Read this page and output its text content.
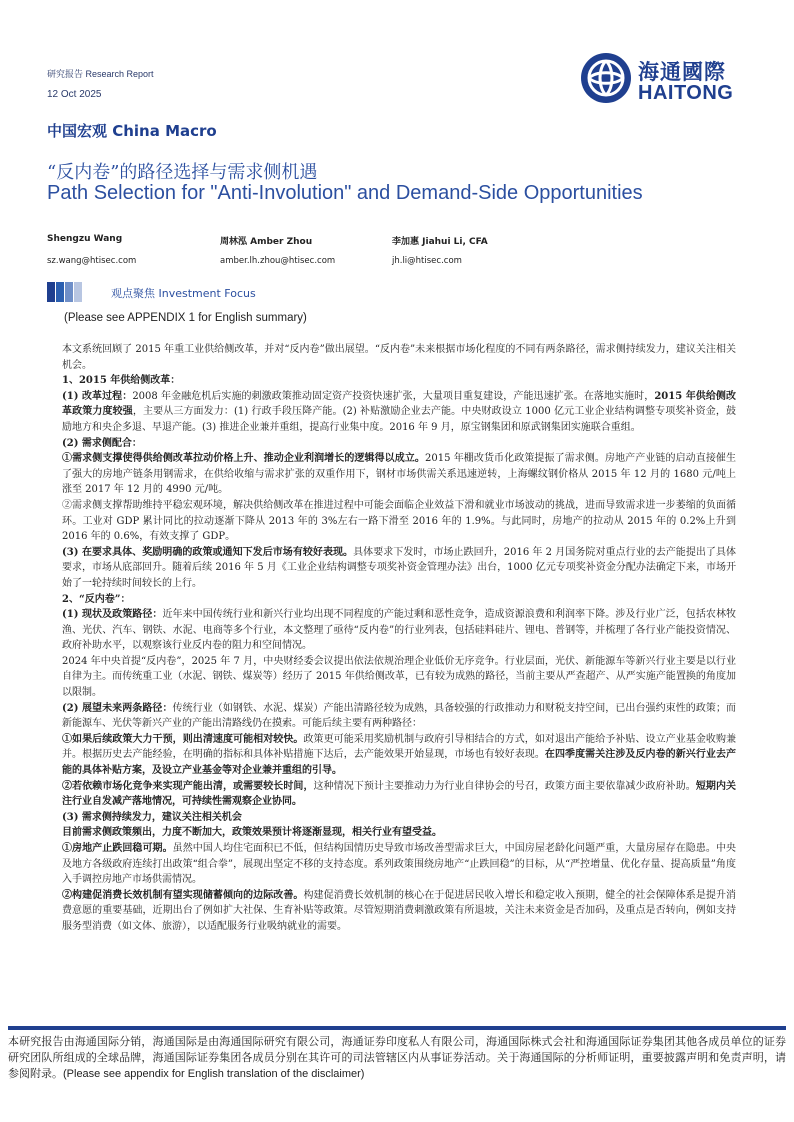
研究报告 Research Report
12 Oct 2025
海通國際
HAITONG
中国宏观 China Macro
“反内卷”的路径选择与需求侧机遇
Path Selection for "Anti-Involution" and Demand-Side Opportunities
Shengzu Wang
sz.wang@htisec.com
周林泓 Amber Zhou
amber.lh.zhou@htisec.com
李加惠 Jiahui Li, CFA
jh.li@htisec.com
观点聚焦 Investment Focus
(Please see APPENDIX 1 for English summary)

本文系统回顾了 2015 年重工业供给侧改革，并对“反内卷”做出展望。“反内卷”未来根据市场化程度的不同有两条路径，需求侧持续发力，建议关注相关机会。

1、2015 年供给侧改革：

(1) 改革过程：2008 年金融危机后实施的刺激政策推动固定资产投资快速扩张，大量项目重复建设，产能迅速扩张。在落地实施时，2015 年供给侧改革政策力度较强，主要从三方面发力：(1) 行政手段压降产能。(2) 补贴激励企业去产能。中央财政设立 1000 亿元工业企业结构调整专项奖补资金，鼓励地方和央企多退、早退产能。(3) 推进企业兼并重组，提高行业集中度。2016 年 9 月，原宝钢集团和原武钢集团实施联合重组。

(2) 需求侧配合：

①需求侧支撑使得供给侧改革拉动价格上升、推动企业利润增长的逻辑得以成立。2015 年棚改货币化政策提振了需求侧。房地产产业链的启动直接催生了强大的房地产链条用钢需求，在供给收缩与需求扩张的双重作用下，钢材市场供需关系迅速逆转，上海螺纹钢价格从 2015 年 12 月的 1680 元/吨上涨至 2017 年 12 月的 4990 元/吨。

②需求侧支撑帮助维持平稳宏观环境，解决供给侧改革在推进过程中可能会面临企业效益下滑和就业市场波动的挑战，进而导致需求进一步萎缩的负面循环。工业对 GDP 累计同比的拉动逐渐下降从 2013 年的 3%左右一路下滑至 2016 年的 1.9%。与此同时，房地产的拉动从 2015 年的 0.2%上升到 2016 年的 0.6%，有效支撑了 GDP。

(3) 在要求具体、奖励明确的政策或通知下发后市场有较好表现。具体要求下发时，市场止跌回升，2016 年 2 月国务院对重点行业的去产能提出了具体要求，市场从底部回升。随着后续 2016 年 5 月《工业企业结构调整专项奖补资金管理办法》出台，1000 亿元专项奖补资金分配办法确定下来，市场开始了一轮持续时间较长的上行。

2、“反内卷”：

(1) 现状及政策路径：近年来中国传统行业和新兴行业均出现不同程度的产能过剩和恶性竞争，造成资源浪费和利润率下降。涉及行业广泛，包括农林牧渔、光伏、汽车、钢铁、水泥、电商等多个行业，本文整理了亟待“反内卷”的行业列表，包括硅料硅片、锂电、普钢等，并梳理了各行业产能投资情况、政府补助水平，以观察该行业反内卷的阻力和空间情况。

2024 年中央首提“反内卷”，2025 年 7 月，中央财经委会议提出依法依规治理企业低价无序竞争。行业层面，光伏、新能源车等新兴行业主要是以行业自律为主。而传统重工业（水泥、钢铁、煤炭等）经历了 2015 年供给侧改革，已有较为成熟的路径，当前主要从严查超产、从严实施产能置换的角度加以限制。

(2) 展望未来两条路径：传统行业（如钢铁、水泥、煤炭）产能出清路径较为成熟，具备较强的行政推动力和财税支持空间，已出台强约束性的政策；而新能源车、光伏等新兴产业的产能出清路线仍在摸索。可能后续主要有两种路径：

①如果后续政策大力干预，则出清速度可能相对较快。政策更可能采用奖励机制与政府引导相结合的方式，如对退出产能给予补贴、设立产业基金收购兼并。根据历史去产能经验，在明确的指标和具体补贴措施下达后，去产能效果开始显现，市场也有较好表现。在四季度需关注涉及反内卷的新兴行业去产能的具体补贴方案，及设立产业基金等对企业兼并重组的引导。

②若依赖市场化竞争来实现产能出清，或需要较长时间，这种情况下预计主要推动力为行业自律协会的号召，政策方面主要依靠减少政府补助。短期内关注行业自发减产落地情况，可持续性需观察企业协同。

(3) 需求侧持续发力，建议关注相关机会

目前需求侧政策频出，力度不断加大，政策效果预计将逐渐显现，相关行业有望受益。

①房地产止跌回稳可期。虽然中国人均住宅面积已不低，但结构国情历史导致市场改善型需求巨大，中国房屋老龄化问题严重，大量房屋存在隐患。中央及地方各级政府连续打出政策“组合拳”，展现出坚定不移的支持态度。系列政策围绕房地产“止跌回稳”的目标，从“严控增量、优化存量、提高质量”角度入手调控房地产市场供需情况。

②构建促消费长效机制有望实现储蓄倾向的边际改善。构建促消费长效机制的核心在于促进居民收入增长和稳定收入预期，健全的社会保障体系是提升消费意愿的重要基础，近期出台了例如扩大社保、生育补贴等政策。尽管短期消费刺激政策有所退坡，关注未来资金是否加码，及重点是否转向，例如支持服务型消费（如文体、旅游），以适配服务行业吸纳就业的需要。

本研究报告由海通国际分销，海通国际是由海通国际研究有限公司，海通证券印度私人有限公司，海通国际株式会社和海通国际证券集团其他各成员单位的证券研究团队所组成的全球品牌，海通国际证券集团各成员分别在其许可的司法管辖区内从事证券活动。关于海通国际的分析师证明，重要披露声明和免责声明，请参阅附录。(Please see appendix for English translation of the disclaimer)
